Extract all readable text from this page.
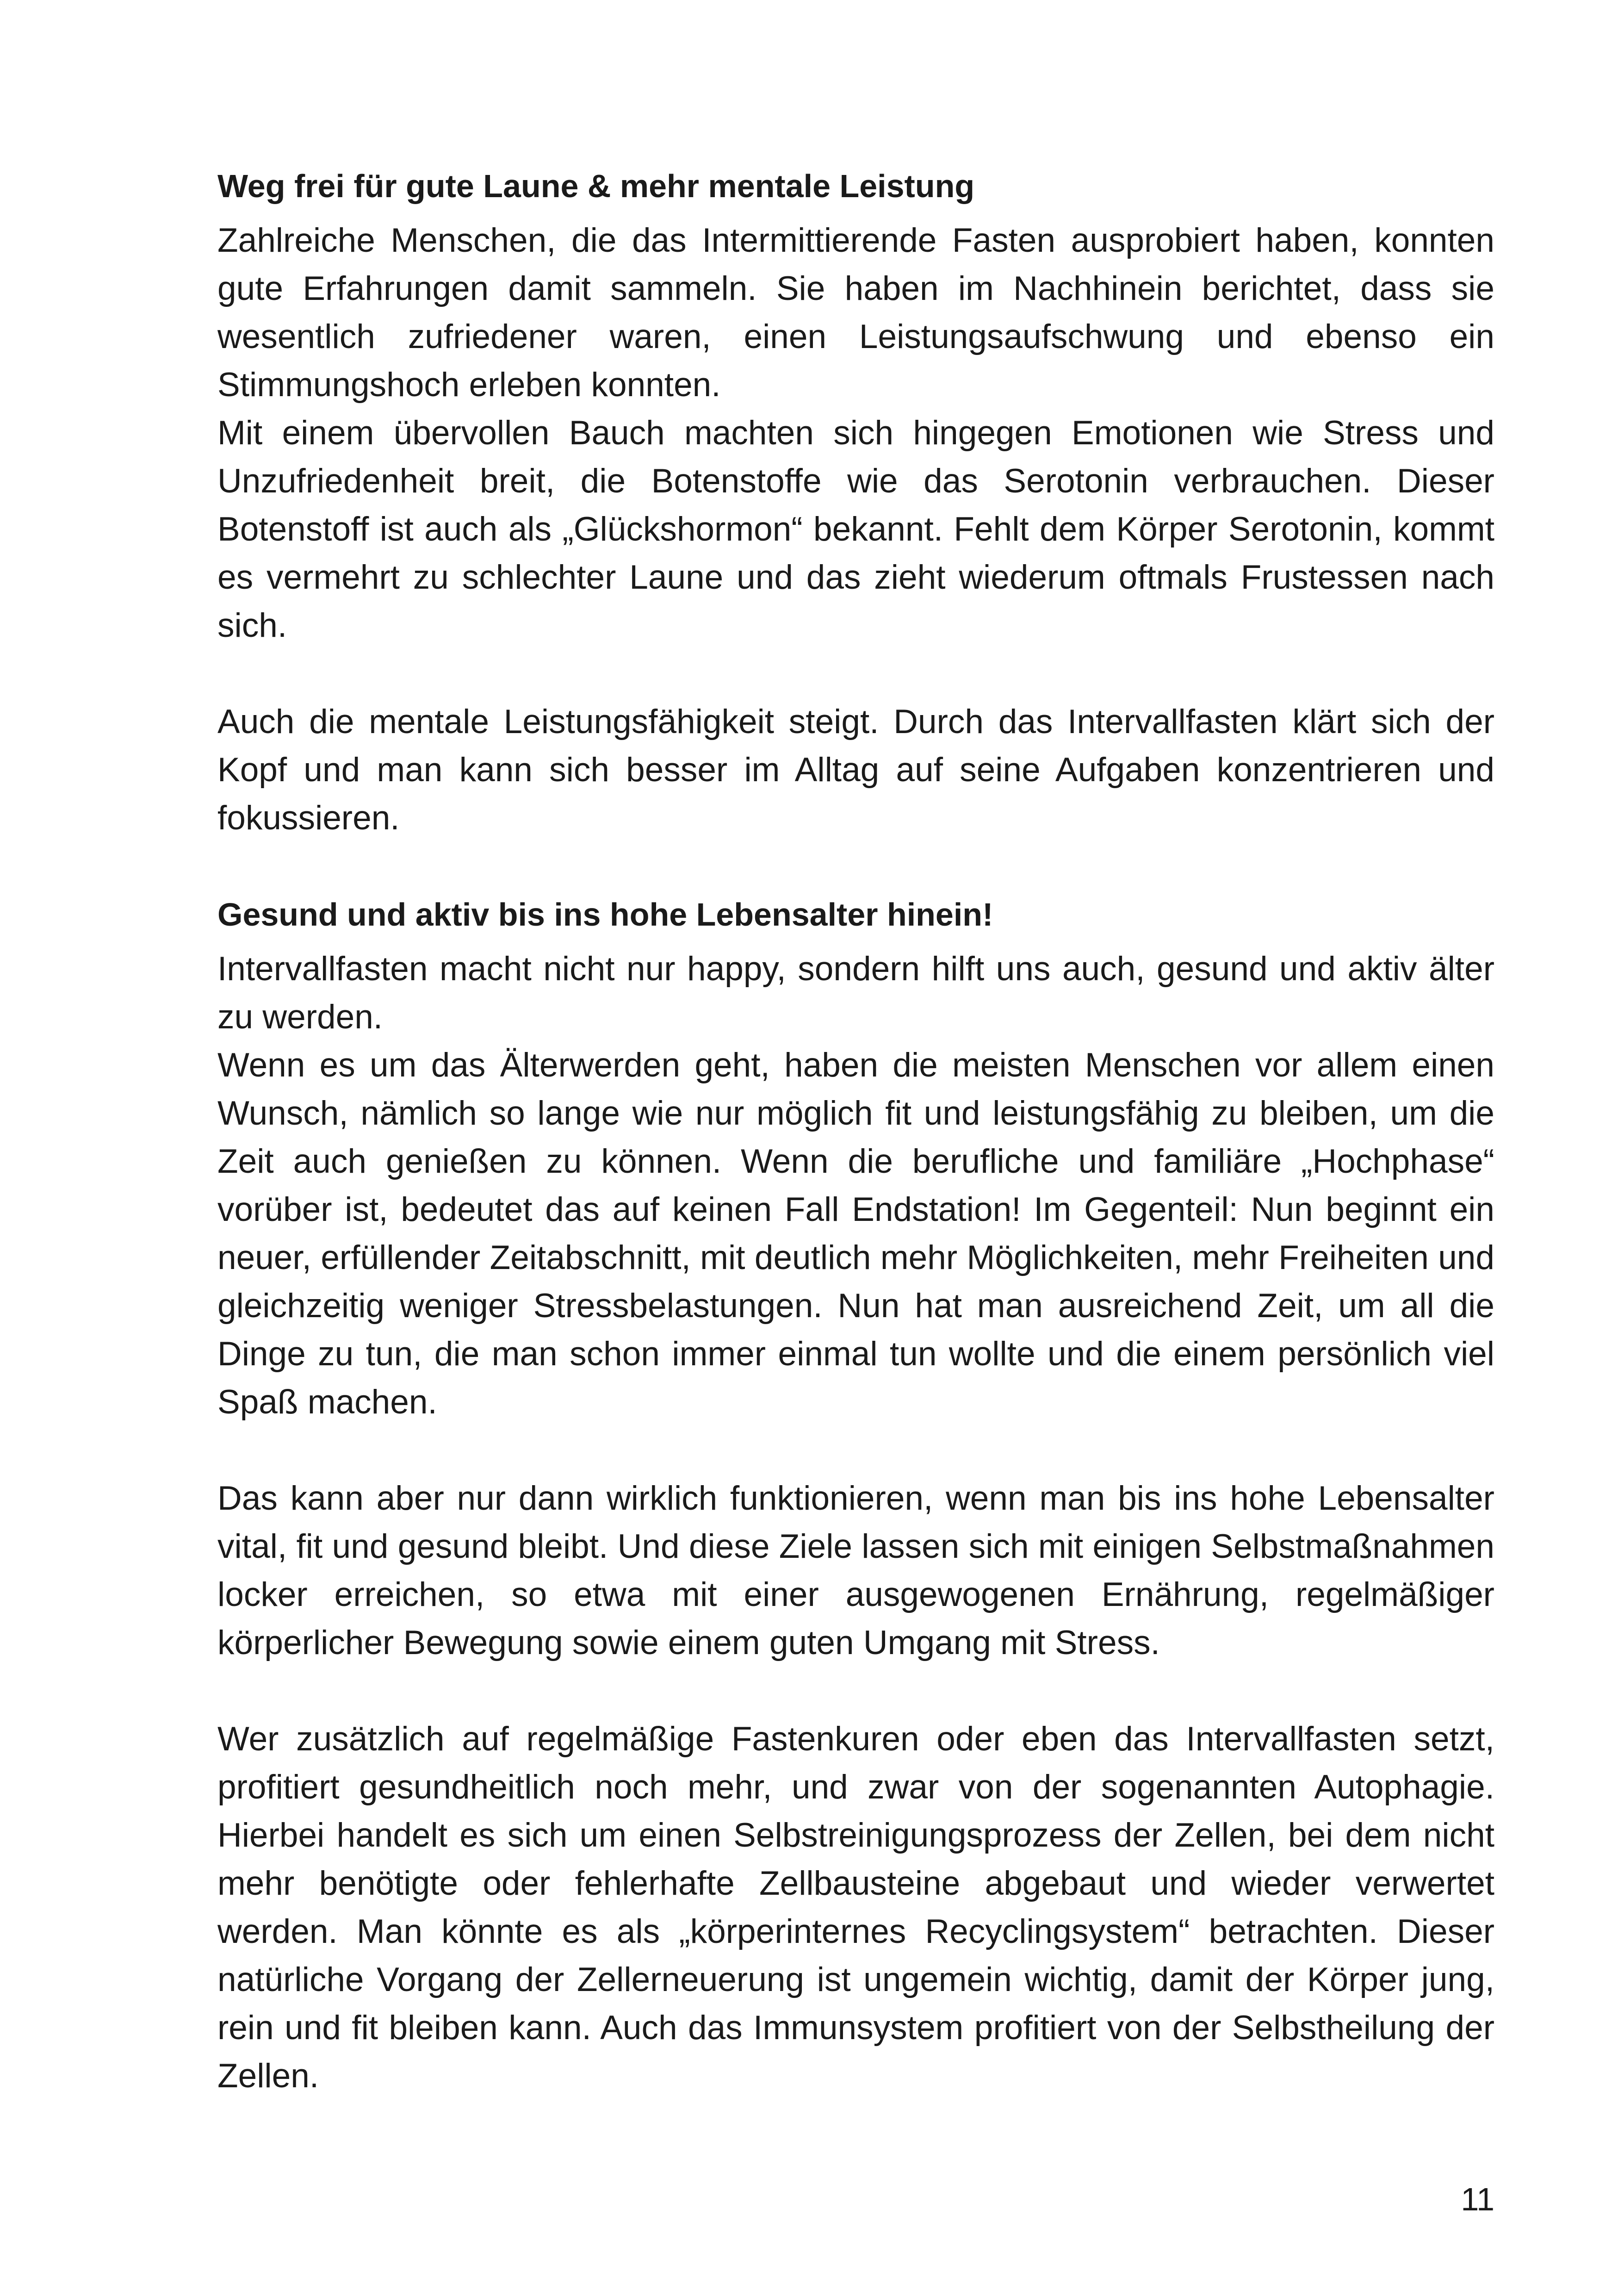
Weg frei für gute Laune & mehr mentale Leistung

Zahlreiche Menschen, die das Intermittierende Fasten ausprobiert haben, konnten gute Erfahrungen damit sammeln. Sie haben im Nachhinein berichtet, dass sie wesentlich zufriedener waren, einen Leistungsaufschwung und ebenso ein Stimmungshoch erleben konnten.

Mit einem übervollen Bauch machten sich hingegen Emotionen wie Stress und Unzufriedenheit breit, die Botenstoffe wie das Serotonin verbrauchen. Dieser Botenstoff ist auch als „Glückshormon“ bekannt. Fehlt dem Körper Serotonin, kommt es vermehrt zu schlechter Laune und das zieht wiederum oftmals Frustessen nach sich.

Auch die mentale Leistungsfähigkeit steigt. Durch das Intervallfasten klärt sich der Kopf und man kann sich besser im Alltag auf seine Aufgaben konzentrieren und fokussieren.

Gesund und aktiv bis ins hohe Lebensalter hinein!

Intervallfasten macht nicht nur happy, sondern hilft uns auch, gesund und aktiv älter zu werden.

Wenn es um das Älterwerden geht, haben die meisten Menschen vor allem einen Wunsch, nämlich so lange wie nur möglich fit und leistungsfähig zu bleiben, um die Zeit auch genießen zu können. Wenn die berufliche und familiäre „Hochphase“ vorüber ist, bedeutet das auf keinen Fall Endstation! Im Gegenteil: Nun beginnt ein neuer, erfüllender Zeitabschnitt, mit deutlich mehr Möglichkeiten, mehr Freiheiten und gleichzeitig weniger Stressbelastungen. Nun hat man ausreichend Zeit, um all die Dinge zu tun, die man schon immer einmal tun wollte und die einem persönlich viel Spaß machen.

Das kann aber nur dann wirklich funktionieren, wenn man bis ins hohe Lebensalter vital, fit und gesund bleibt. Und diese Ziele lassen sich mit einigen Selbstmaßnahmen locker erreichen, so etwa mit einer ausgewogenen Ernährung, regelmäßiger körperlicher Bewegung sowie einem guten Umgang mit Stress.

Wer zusätzlich auf regelmäßige Fastenkuren oder eben das Intervallfasten setzt, profitiert gesundheitlich noch mehr, und zwar von der sogenannten Autophagie. Hierbei handelt es sich um einen Selbstreinigungsprozess der Zellen, bei dem nicht mehr benötigte oder fehlerhafte Zellbausteine abgebaut und wieder verwertet werden. Man könnte es als „körperinternes Recyclingsystem“ betrachten. Dieser natürliche Vorgang der Zellerneuerung ist ungemein wichtig, damit der Körper jung, rein und fit bleiben kann. Auch das Immunsystem profitiert von der Selbstheilung der Zellen.

11
